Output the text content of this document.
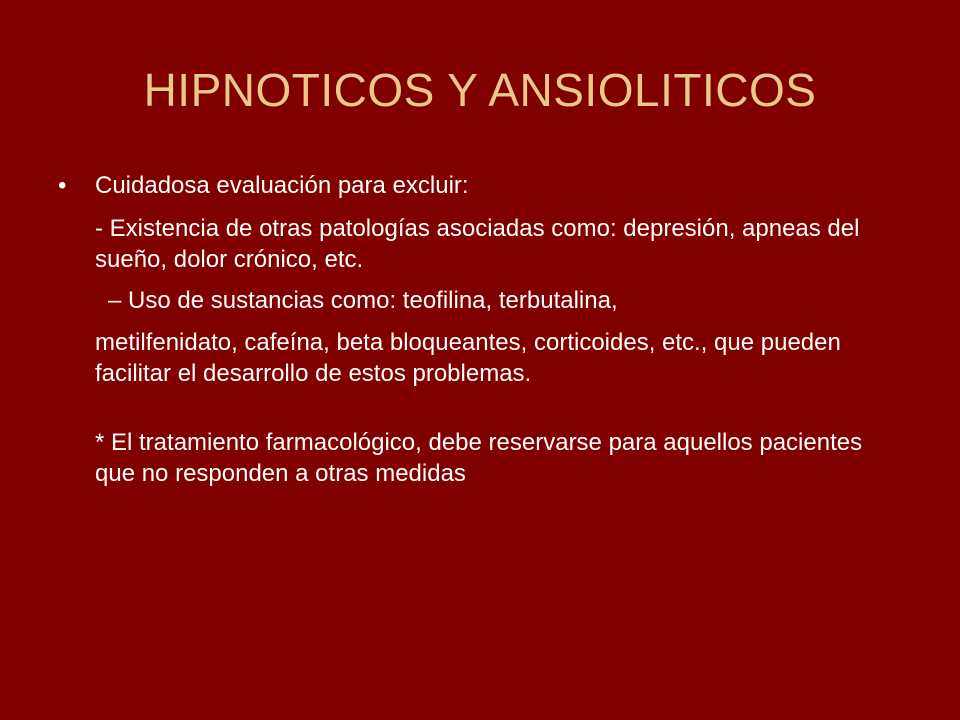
HIPNOTICOS Y ANSIOLITICOS
• Cuidadosa evaluación para excluir:
- Existencia de otras patologías asociadas como: depresión, apneas del sueño, dolor crónico, etc.
– Uso de sustancias como: teofilina, terbutalina,
metilfenidato, cafeína, beta bloqueantes, corticoides, etc., que pueden facilitar el desarrollo de estos problemas.
* El tratamiento farmacológico, debe reservarse para aquellos pacientes que no responden a otras medidas
